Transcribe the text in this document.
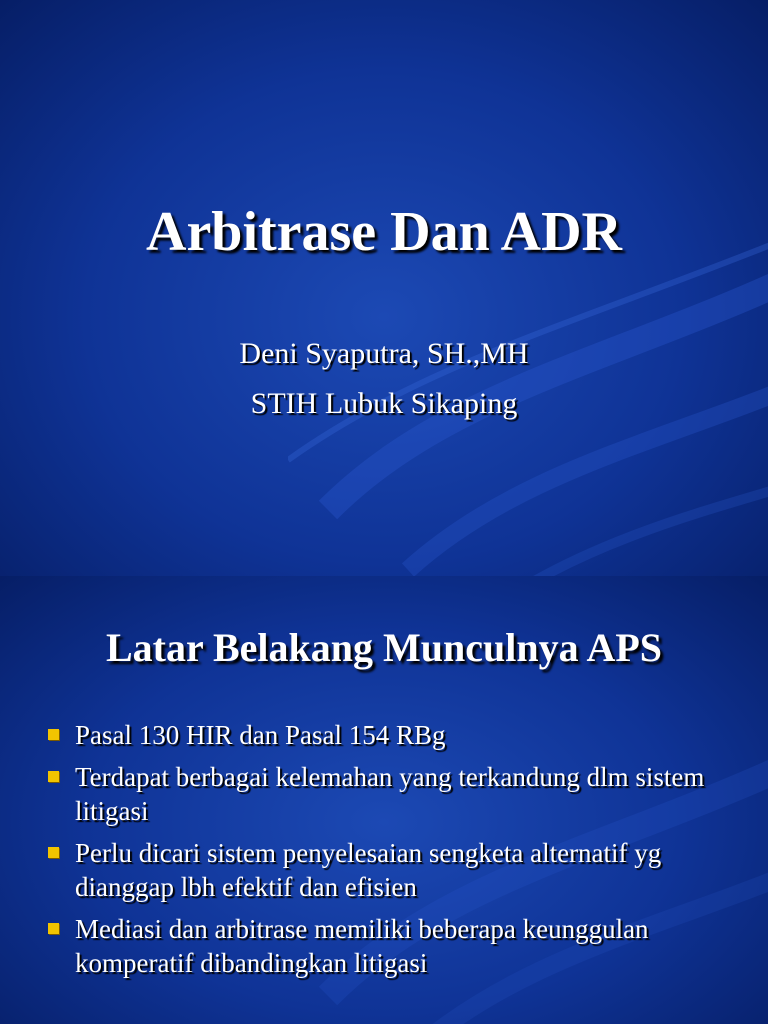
Arbitrase Dan ADR
Deni Syaputra, SH.,MH
STIH Lubuk Sikaping
Latar Belakang Munculnya APS
Pasal 130 HIR dan Pasal 154 RBg
Terdapat berbagai kelemahan yang terkandung dlm sistem litigasi
Perlu dicari sistem penyelesaian sengketa alternatif yg dianggap lbh efektif dan efisien
Mediasi dan arbitrase memiliki beberapa keunggulan komperatif dibandingkan litigasi
